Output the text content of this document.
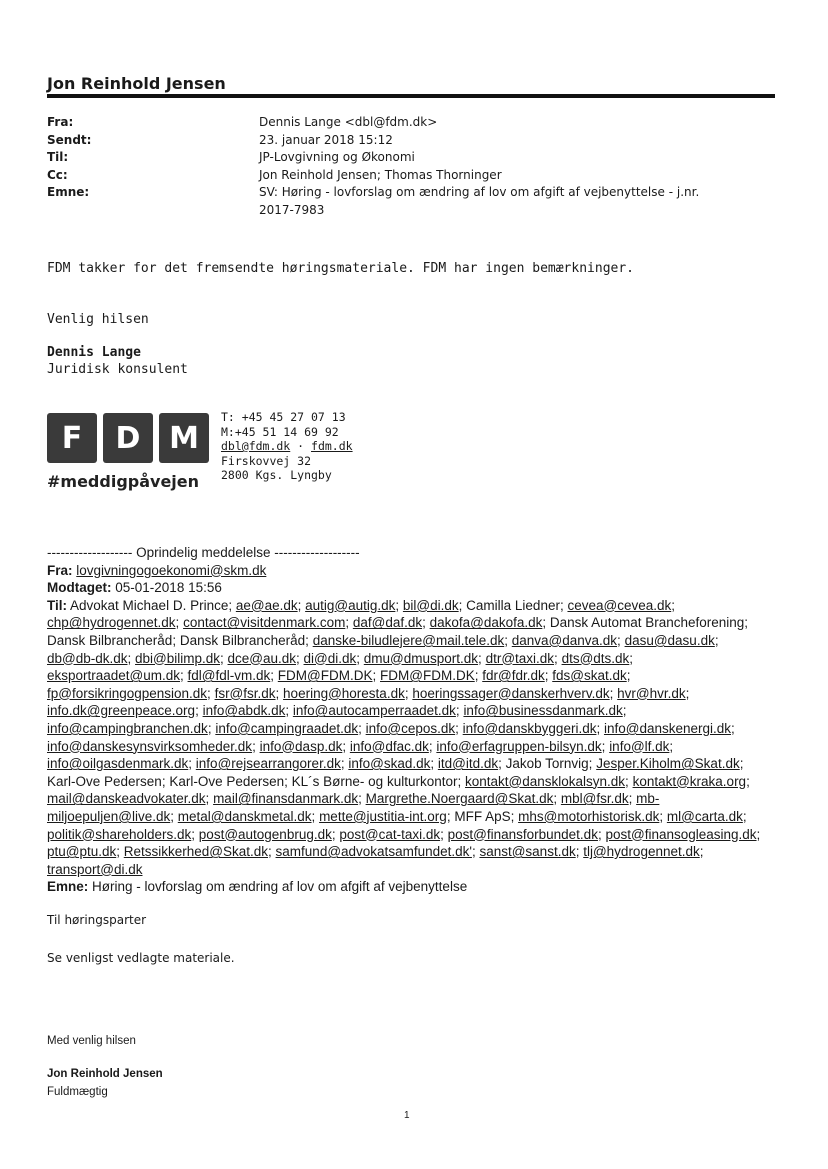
Jon Reinhold Jensen
Fra:	Dennis Lange <dbl@fdm.dk>
Sendt:	23. januar 2018 15:12
Til:	JP-Lovgivning og Økonomi
Cc:	Jon Reinhold Jensen; Thomas Thorninger
Emne:	SV: Høring - lovforslag om ændring af lov om afgift af vejbenyttelse - j.nr.
2017-7983
FDM takker for det fremsendte høringsmateriale. FDM har ingen bemærkninger.
Venlig hilsen
Dennis Lange
Juridisk konsulent
F	D M
#meddigpåvejen
T: +45 45 27 07 13
M:+45 51 14 69 92
dbl@fdm.dk · fdm.dk
Firskovvej 32
2800 Kgs. Lyngby
------------------- Oprindelig meddelelse -------------------
Fra: lovgivningogoekonomi@skm.dk
Modtaget: 05-01-2018 15:56
Til: Advokat Michael D. Prince; ae@ae.dk; autig@autig.dk; bil@di.dk; Camilla Liedner; cevea@cevea.dk; chp@hydrogennet.dk; contact@visitdenmark.com; daf@daf.dk; dakofa@dakofa.dk; Dansk Automat Brancheforening; Dansk Bilbrancheråd; Dansk Bilbrancheråd; danske-biludlejere@mail.tele.dk; danva@danva.dk; dasu@dasu.dk; db@db-dk.dk; dbi@bilimp.dk; dce@au.dk; di@di.dk; dmu@dmusport.dk; dtr@taxi.dk; dts@dts.dk; eksportraadet@um.dk; fdl@fdl-vm.dk; FDM@FDM.DK; FDM@FDM.DK; fdr@fdr.dk; fds@skat.dk; fp@forsikringogpension.dk; fsr@fsr.dk; hoering@horesta.dk; hoeringssager@danskerhverv.dk; hvr@hvr.dk; info.dk@greenpeace.org; info@abdk.dk; info@autocamperraadet.dk; info@businessdanmark.dk; info@campingbranchen.dk; info@campingraadet.dk; info@cepos.dk; info@danskbyggeri.dk; info@danskenergi.dk; info@danskesynsvirksomheder.dk; info@dasp.dk; info@dfac.dk; info@erfagruppen-bilsyn.dk; info@lf.dk; info@oilgasdenmark.dk; info@rejsearrangorer.dk; info@skad.dk; itd@itd.dk; Jakob Tornvig; Jesper.Kiholm@Skat.dk; Karl-Ove Pedersen; Karl-Ove Pedersen; KL´s Børne- og kulturkontor; kontakt@dansklokalsyn.dk; kontakt@kraka.org; mail@danskeadvokater.dk; mail@finansdanmark.dk; Margrethe.Noergaard@Skat.dk; mbl@fsr.dk; mb-miljoepuljen@live.dk; metal@danskmetal.dk; mette@justitia-int.org; MFF ApS; mhs@motorhistorisk.dk; ml@carta.dk; politik@shareholders.dk; post@autogenbrug.dk; post@cat-taxi.dk; post@finansforbundet.dk; post@finansogleasing.dk; ptu@ptu.dk; Retssikkerhed@Skat.dk; samfund@advokatsamfundet.dk'; sanst@sanst.dk; tlj@hydrogennet.dk; transport@di.dk
Emne: Høring - lovforslag om ændring af lov om afgift af vejbenyttelse
Til høringsparter
Se venligst vedlagte materiale.
Med venlig hilsen
Jon Reinhold Jensen
Fuldmægtig
1
